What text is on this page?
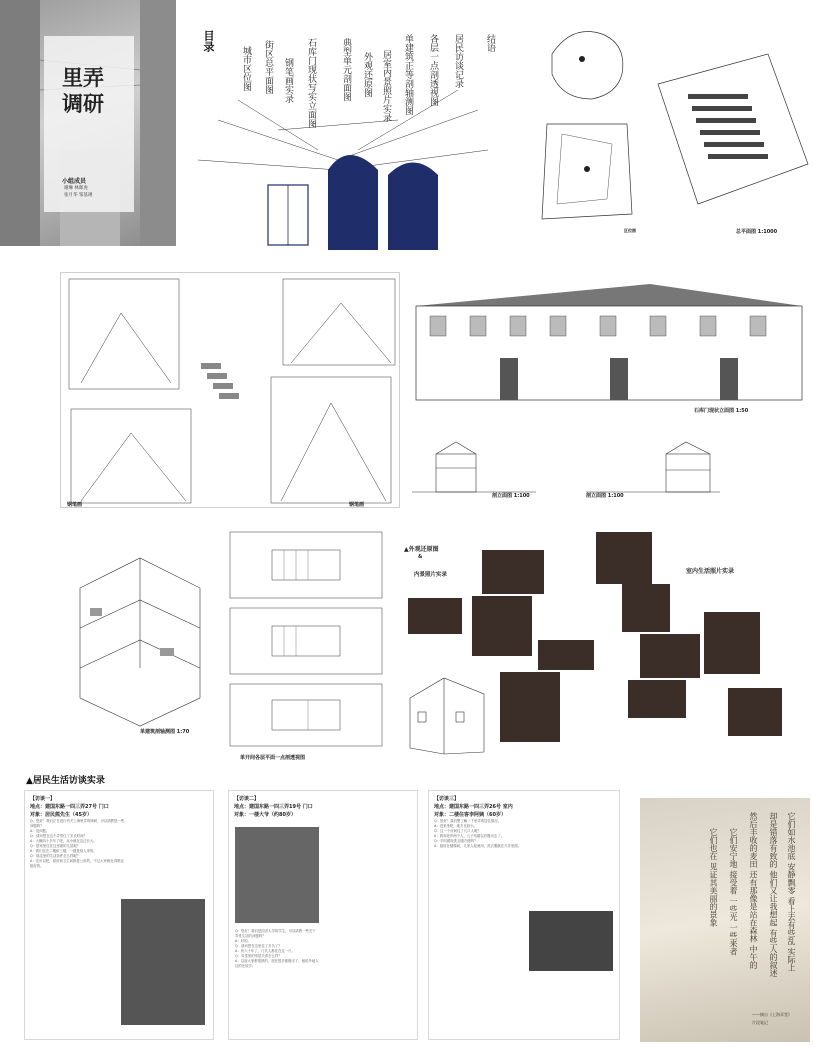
里弄
调研
小组成员
谢琳 林晖虎
张月华 邹基翊
目录	结语
居民访谈记录
各层一点剖透视图
单建筑正等剖轴测图
居室内景照片实录
外观还原图
典型单元剖面图
石库门现状写实立面图
钢笔画实录
街区总平面图
城市区位图
区位图	总平面图 1:1000
钢笔画	钢笔画
石库门现状立面图 1:50
剖立面图 1:100	剖立面图 1:100
单建筑剖轴测图 1:70
单开间各层平面一点剖透视图
▲外观还原图
&
内景照片实录	室内生活照片实录
▲居民生活访谈实录
【访谈一】
地点：建国东路一四三弄27号 门口
对象：居民熊先生（45岁）
Q：您好！我们正在进行有关上海里弄的调研，可以请教您一些问题吗？
A：没问题。
Q：请问您在这个弄堂住了多长时间？
A：大概四十多年了吧，从小就在这边长大。
Q：您家里住在这里面的几层呢？
A：我们住在二楼和三楼，一楼是别人家的。
Q：那这里的生活条件怎么样呢？
A：还可以吧，厨房和卫生间都是公用的，不过大家相处得都还挺好的。
【访谈二】
地点：建国东路一四三弄19号 门口
对象：一楼大爷（约80岁）
Q：您好！我们是同济大学的学生，可以请教一些关于弄堂生活的问题吗？
A：好的。
Q：请问您在这里住了多久了？
A：快六十年了，几代人都住在这一片。
Q：弄堂里的邻居关系怎么样？
A：以前大家都很熟的，现在很多都搬走了，租给外地人住的比较多。
【访谈三】
地点：建国东路一四三弄26号 室内
对象：二楼住客李阿姨（60岁）
Q：您好！我们想了解一下里弄的居住情况。
A：进来坐吧，地方比较小。
Q：这一个房间住了几口人呢？
A：我和老伴两个人，儿子结婚以后搬出去了。
Q：平时做饭洗衣服方便吗？
A：厨房在楼梯间，几家人轮流用，洗衣服就在天井里面。	它们如水池底 安静飘零 看上去有些乱 实际上
却是错落有致的 他们又让我想起 有些人的叙述
然后丰收的麦田 还有那像是站在森林 中午的
它们安宁地 接受着 一些光 一些来者
它们也在 见证其美丽的景象
——摘自《上海弄堂》
片段笔记
